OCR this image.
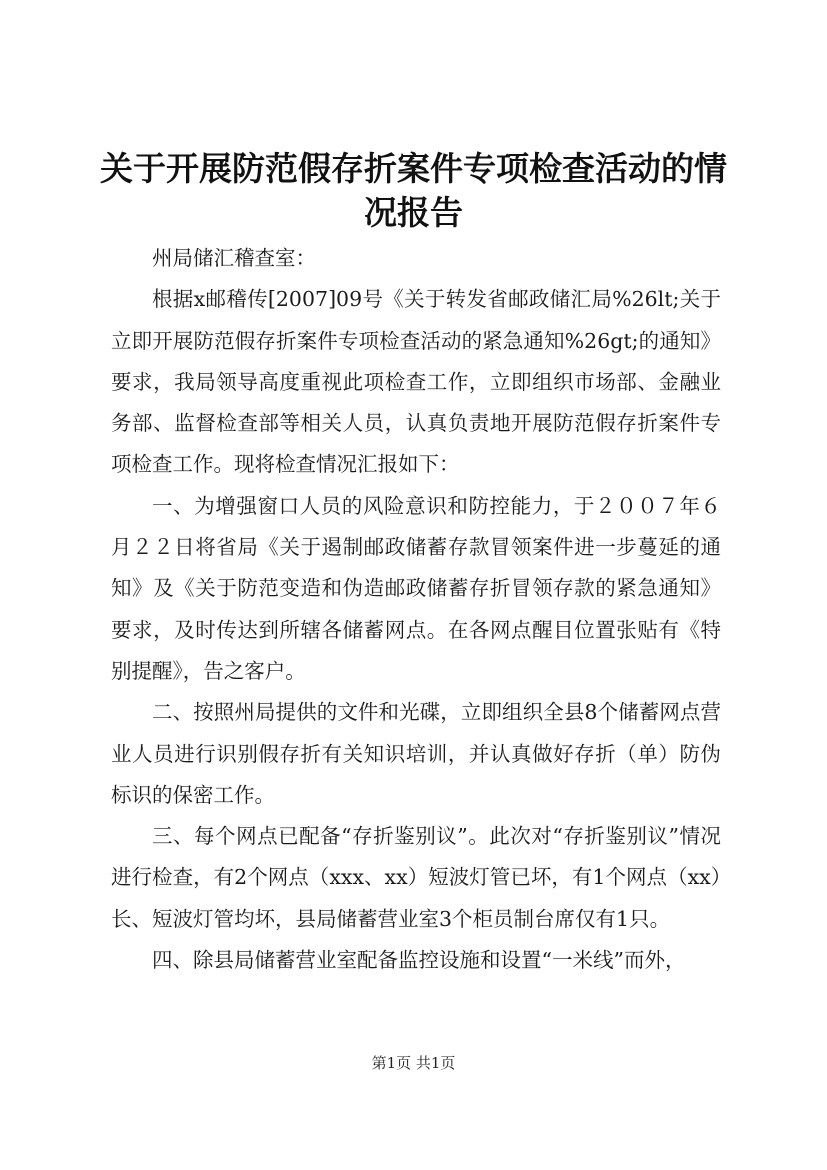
关于开展防范假存折案件专项检查活动的情况报告

州局储汇稽查室：

根据x邮稽传[2007]09号《关于转发省邮政储汇局%26lt;关于立即开展防范假存折案件专项检查活动的紧急通知%26gt;的通知》要求，我局领导高度重视此项检查工作，立即组织市场部、金融业务部、监督检查部等相关人员，认真负责地开展防范假存折案件专项检查工作。现将检查情况汇报如下：

一、为增强窗口人员的风险意识和防控能力，于２００７年６月２２日将省局《关于遏制邮政储蓄存款冒领案件进一步蔓延的通知》及《关于防范变造和伪造邮政储蓄存折冒领存款的紧急通知》要求，及时传达到所辖各储蓄网点。在各网点醒目位置张贴有《特别提醒》，告之客户。

二、按照州局提供的文件和光碟，立即组织全县8个储蓄网点营业人员进行识别假存折有关知识培训，并认真做好存折（单）防伪标识的保密工作。

三、每个网点已配备“存折鉴别议”。此次对“存折鉴别议”情况进行检查，有2个网点（xxx、xx）短波灯管已坏，有1个网点（xx）长、短波灯管均坏，县局储蓄营业室3个柜员制台席仅有1只。

四、除县局储蓄营业室配备监控设施和设置“一米线”而外，

第1页 共1页
